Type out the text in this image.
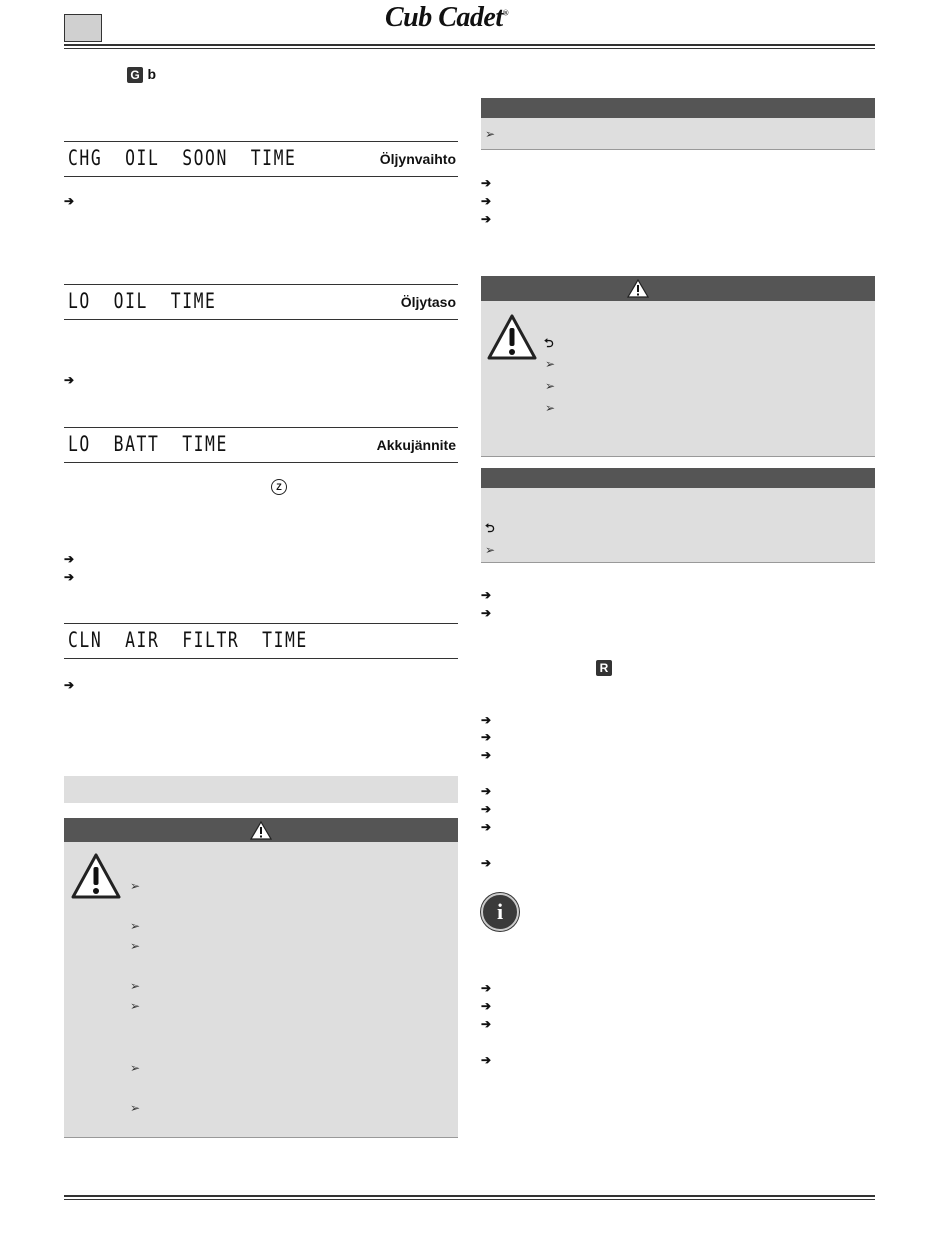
Cub Cadet®
G b
CHG  OIL  SOON  TIME	Öljynvaihto
➔
LO  OIL  TIME	Öljytaso
➔
LO  BATT  TIME	Akkujännite
Z
➔
➔
CLN  AIR  FILTR  TIME
➔
➢
➢
➢
➢
➢
➢
➢
➢
➔
➔
➔
⮌
➢
➢
➢
⮌
➢
➔
➔
R
➔
➔
➔
➔
➔
➔
➔
i
➔
➔
➔
➔
